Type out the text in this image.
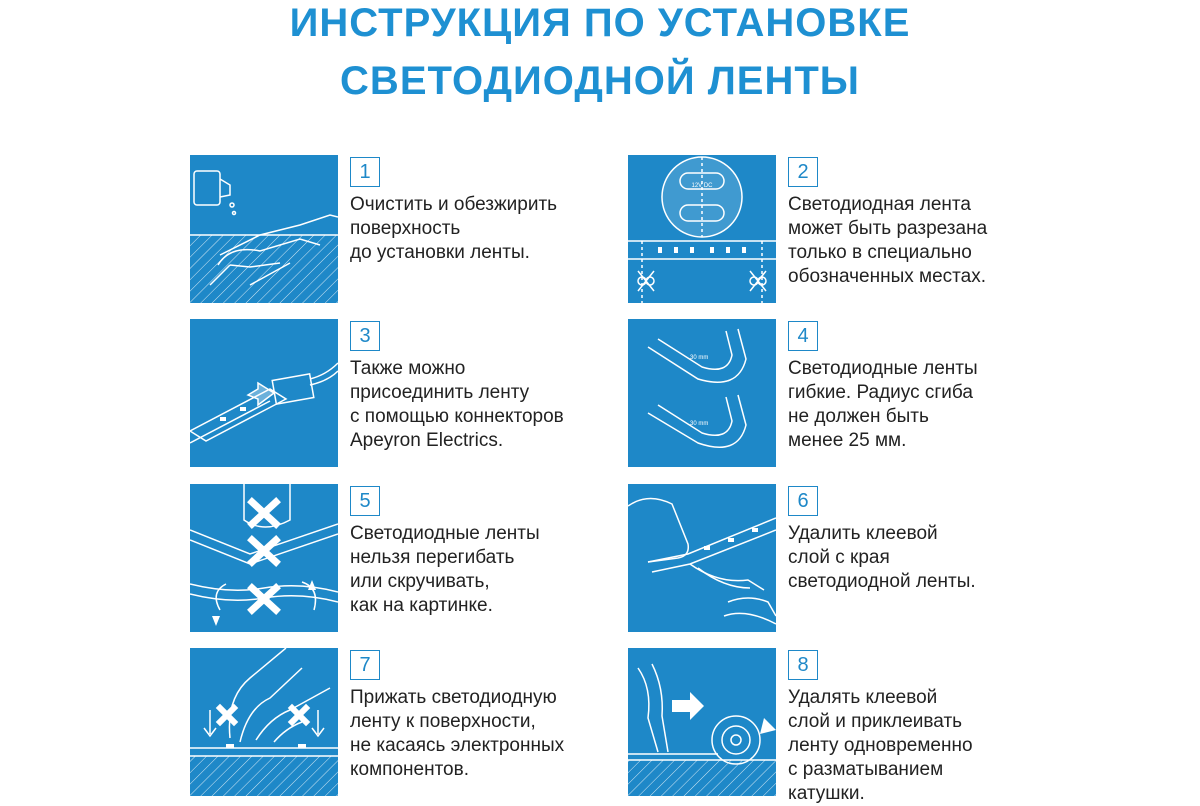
ИНСТРУКЦИЯ ПО УСТАНОВКЕ
СВЕТОДИОДНОЙ ЛЕНТЫ
1
Очистить и обезжирить
поверхность
до установки ленты.
12V DC
2
Светодиодная лента
может быть разрезана
только в специально
обозначенных местах.
3
Также можно
присоединить ленту
с помощью коннекторов
Apeyron Electrics.
30 mm
30 mm
4
Светодиодные ленты
гибкие. Радиус сгиба
не должен быть
менее 25 мм.
5
Светодиодные ленты
нельзя перегибать
или скручивать,
как на картинке.
6
Удалить клеевой
слой с края
светодиодной ленты.
7
Прижать светодиодную
ленту к поверхности,
не касаясь электронных
компонентов.
8
Удалять клеевой
слой и приклеивать
ленту одновременно
с разматыванием
катушки.
